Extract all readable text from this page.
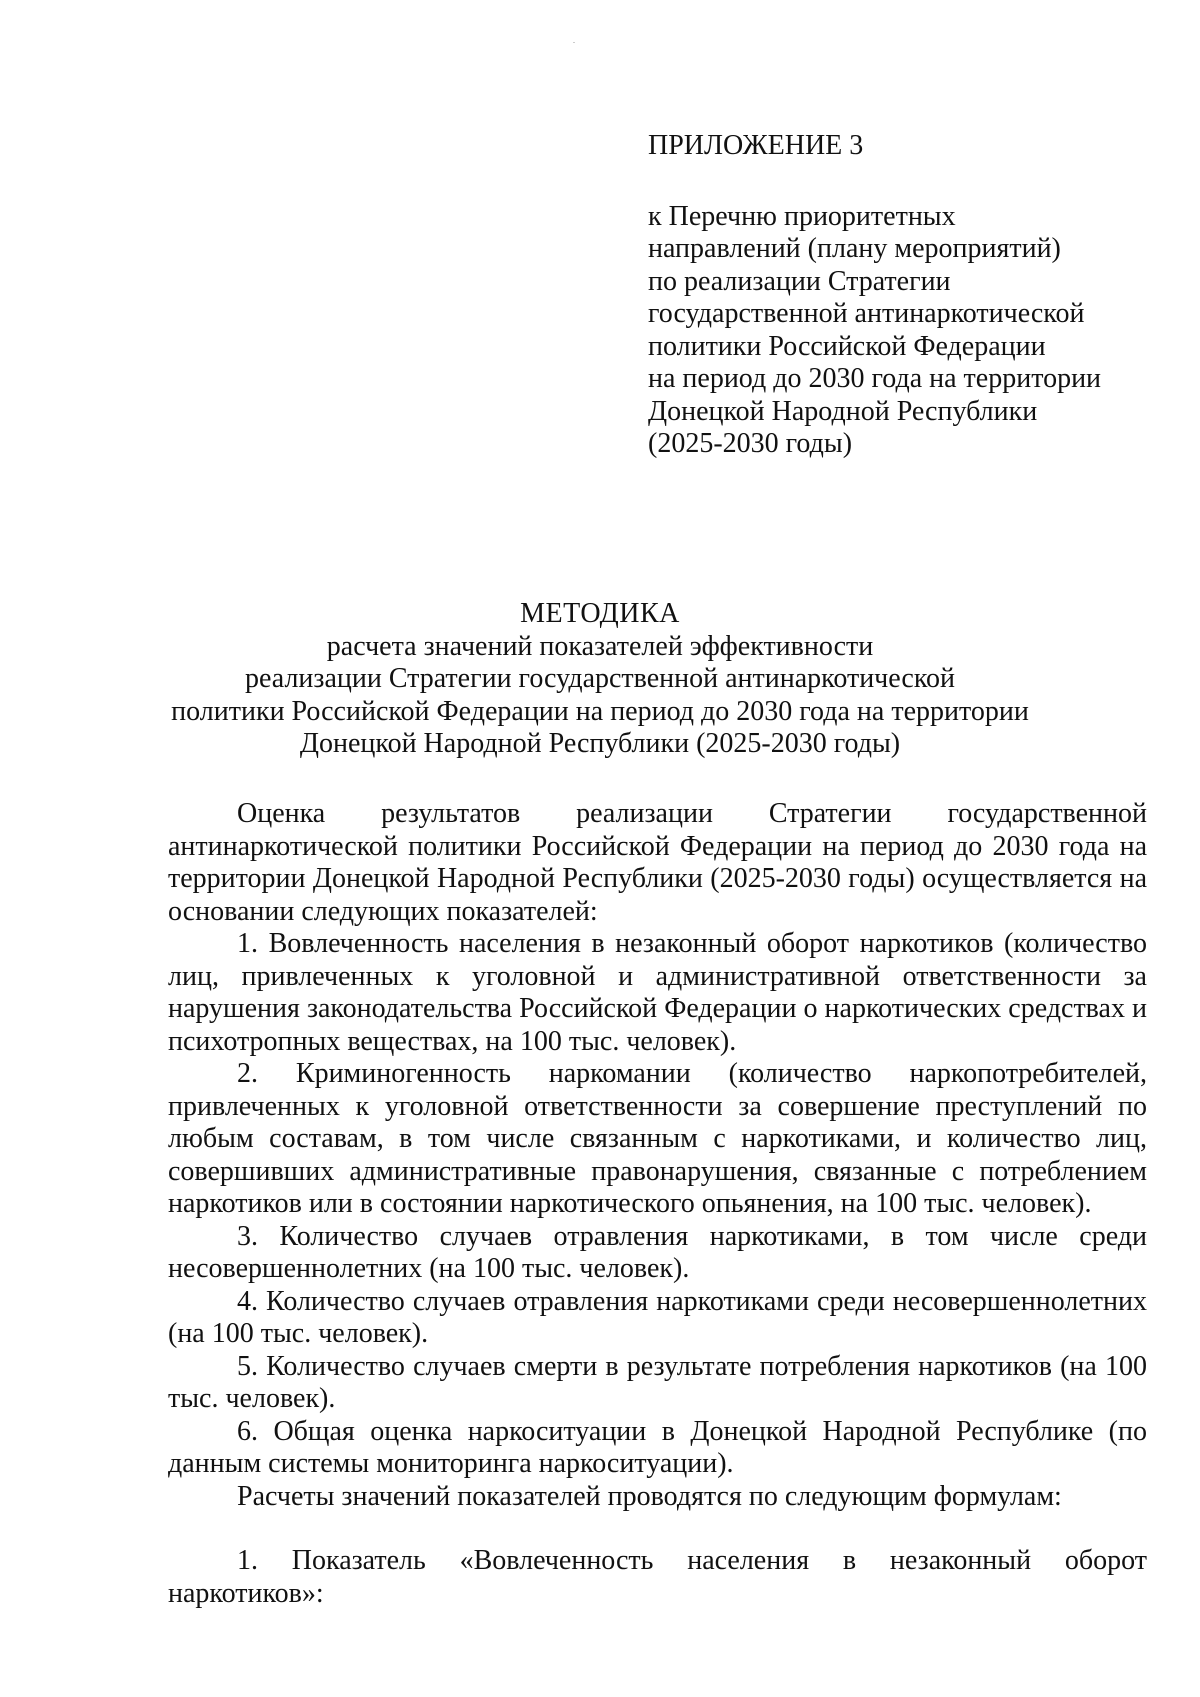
ПРИЛОЖЕНИЕ 3
к Перечню приоритетных
направлений (плану мероприятий)
по реализации Стратегии
государственной антинаркотической
политики Российской Федерации
на период до 2030 года на территории
Донецкой Народной Республики
(2025-2030 годы)
МЕТОДИКА
расчета значений показателей эффективности
реализации Стратегии государственной антинаркотической
политики Российской Федерации на период до 2030 года на территории
Донецкой Народной Республики (2025-2030 годы)

Оценка результатов реализации Стратегии государственной антинаркотической политики Российской Федерации на период до 2030 года на территории Донецкой Народной Республики (2025-2030 годы) осуществляется на основании следующих показателей:

1. Вовлеченность населения в незаконный оборот наркотиков (количество лиц, привлеченных к уголовной и административной ответственности за нарушения законодательства Российской Федерации о наркотических средствах и психотропных веществах, на 100 тыс. человек).

2. Криминогенность наркомании (количество наркопотребителей, привлеченных к уголовной ответственности за совершение преступлений по любым составам, в том числе связанным с наркотиками, и количество лиц, совершивших административные правонарушения, связанные с потреблением наркотиков или в состоянии наркотического опьянения, на 100 тыс. человек).

3. Количество случаев отравления наркотиками, в том числе среди несовершеннолетних (на 100 тыс. человек).

4. Количество случаев отравления наркотиками среди несовершеннолетних (на 100 тыс. человек).

5. Количество случаев смерти в результате потребления наркотиков (на 100 тыс. человек).

6. Общая оценка наркоситуации в Донецкой Народной Республике (по данным системы мониторинга наркоситуации).

Расчеты значений показателей проводятся по следующим формулам:

1. Показатель «Вовлеченность населения в незаконный оборот наркотиков»:
